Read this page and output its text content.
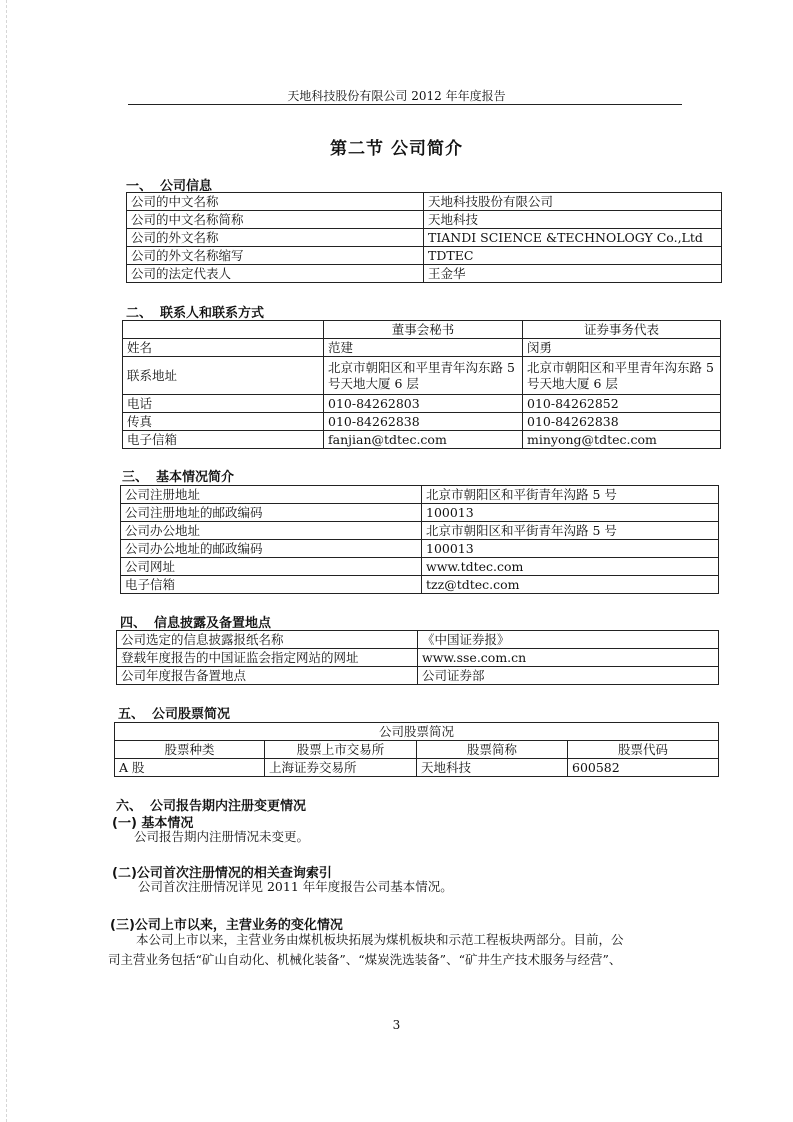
天地科技股份有限公司 2012 年年度报告
第二节 公司简介
一、 公司信息
公司的中文名称	天地科技股份有限公司
公司的中文名称简称	天地科技
公司的外文名称	TIANDI SCIENCE &TECHNOLOGY Co.,Ltd
公司的外文名称缩写	TDTEC
公司的法定代表人	王金华
二、 联系人和联系方式
	董事会秘书	证券事务代表
姓名	范建	闵勇
联系地址	北京市朝阳区和平里青年沟东路 5 号天地大厦 6 层	北京市朝阳区和平里青年沟东路 5 号天地大厦 6 层
电话	010-84262803	010-84262852
传真	010-84262838	010-84262838
电子信箱	fanjian@tdtec.com	minyong@tdtec.com
三、 基本情况简介
公司注册地址	北京市朝阳区和平街青年沟路 5 号
公司注册地址的邮政编码	100013
公司办公地址	北京市朝阳区和平街青年沟路 5 号
公司办公地址的邮政编码	100013
公司网址	www.tdtec.com
电子信箱	tzz@tdtec.com
四、 信息披露及备置地点
公司选定的信息披露报纸名称	《中国证券报》
登载年度报告的中国证监会指定网站的网址	www.sse.com.cn
公司年度报告备置地点	公司证券部
五、 公司股票简况
公司股票简况			
股票种类	股票上市交易所	股票简称	股票代码
A 股	上海证券交易所	天地科技	600582
六、 公司报告期内注册变更情况
(一) 基本情况
公司报告期内注册情况未变更。
(二)公司首次注册情况的相关查询索引
公司首次注册情况详见 2011 年年度报告公司基本情况。
(三)公司上市以来，主营业务的变化情况
本公司上市以来，主营业务由煤机板块拓展为煤机板块和示范工程板块两部分。目前，公
司主营业务包括“矿山自动化、机械化装备”、“煤炭洗选装备”、“矿井生产技术服务与经营”、
3
